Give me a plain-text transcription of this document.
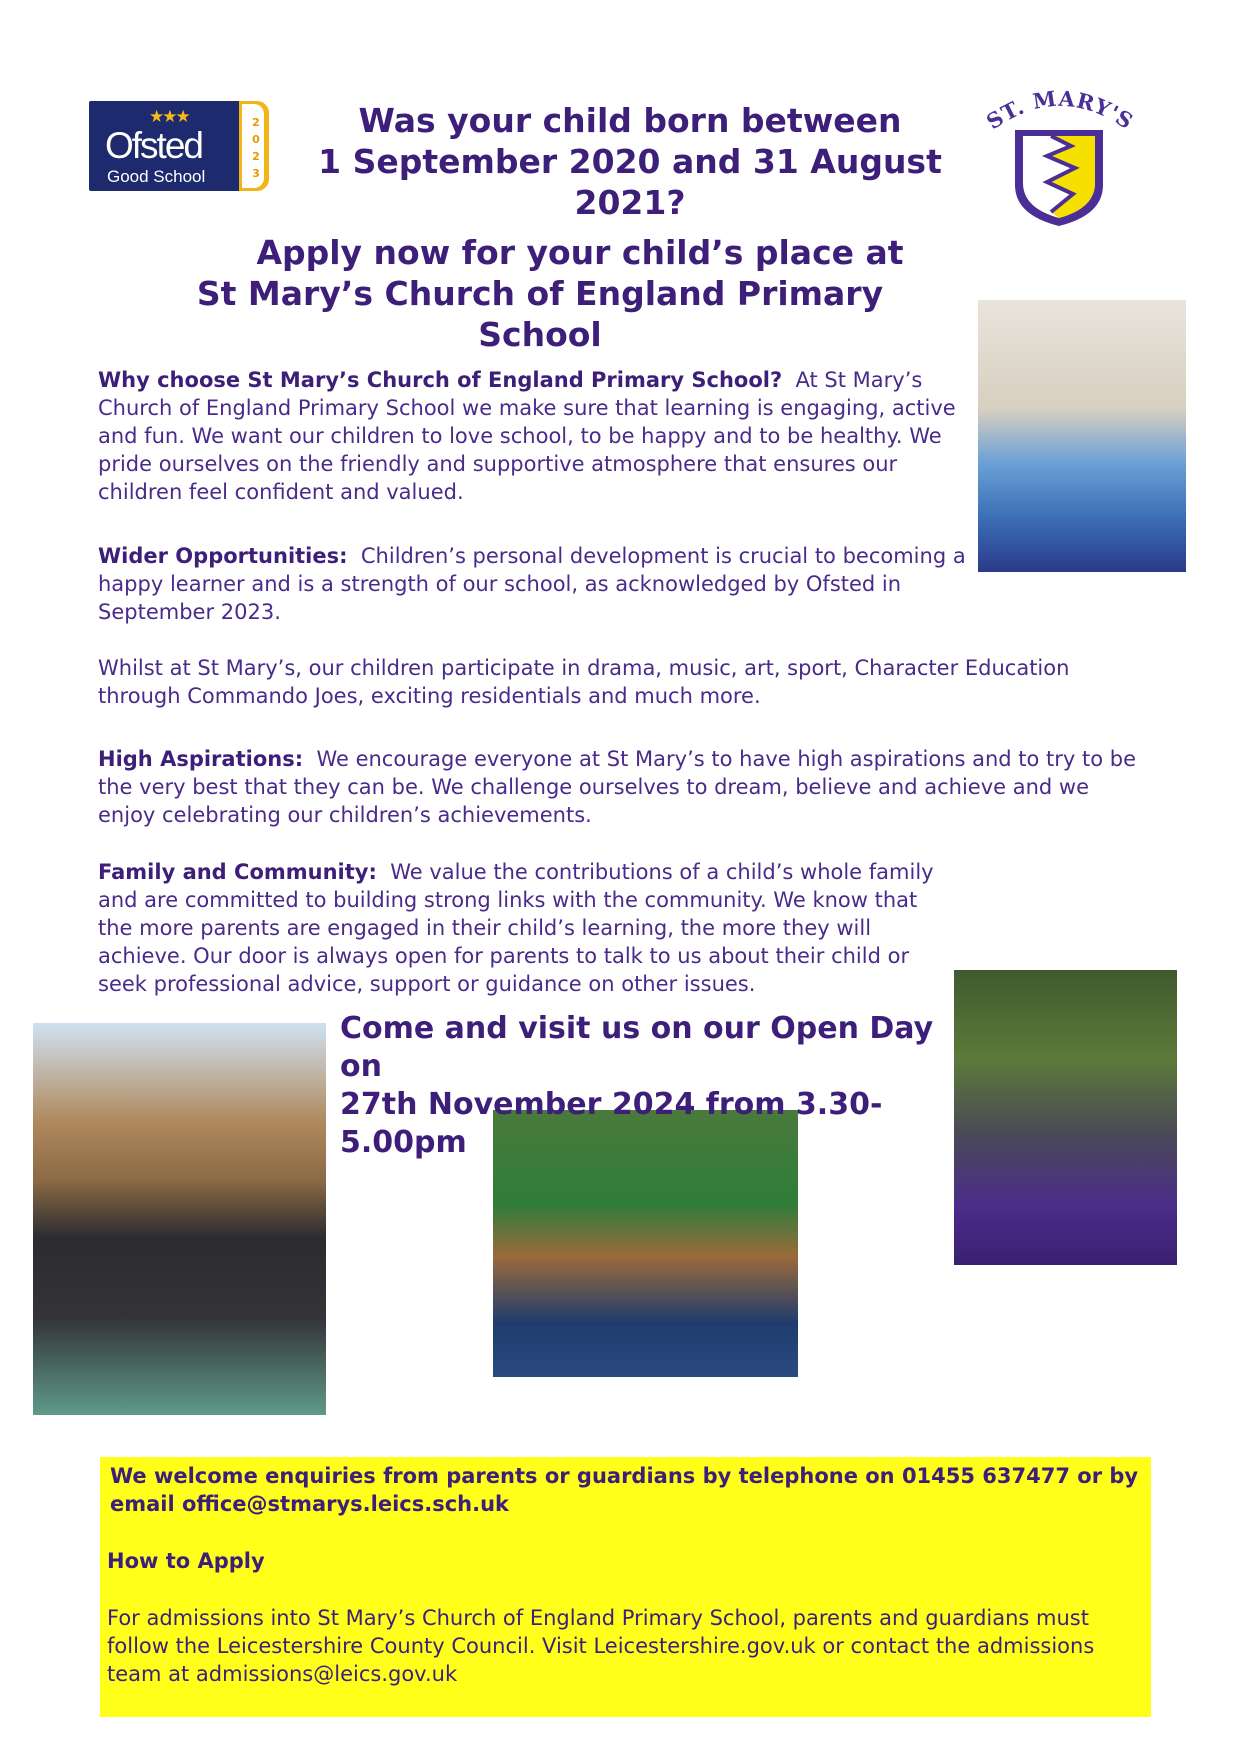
2
0
2
3
★★★
Ofsted
Good School
T. MARY'
Was your child born between
1 September 2020 and 31 August 2021?
Apply now for your child’s place at
St Mary’s Church of England Primary School

Why choose St Mary’s Church of England Primary School? At St Mary’s Church of England Primary School we make sure that learning is engaging, active and fun. We want our children to love school, to be happy and to be healthy. We pride ourselves on the friendly and supportive atmosphere that ensures our children feel confident and valued.

Wider Opportunities: Children’s personal development is crucial to becoming a happy learner and is a strength of our school, as acknowledged by Ofsted in September 2023.

Whilst at St Mary’s, our children participate in drama, music, art, sport, Character Education through Commando Joes, exciting residentials and much more.

High Aspirations: We encourage everyone at St Mary’s to have high aspirations and to try to be the very best that they can be. We challenge ourselves to dream, believe and achieve and we enjoy celebrating our children’s achievements.

Family and Community: We value the contributions of a child’s whole family and are committed to building strong links with the community. We know that the more parents are engaged in their child’s learning, the more they will achieve. Our door is always open for parents to talk to us about their child or seek professional advice, support or guidance on other issues.

Come and visit us on our Open Day on
27th November 2024 from 3.30-5.00pm

We welcome enquiries from parents or guardians by telephone on 01455 637477 or by email office@stmarys.leics.sch.uk

How to Apply

For admissions into St Mary’s Church of England Primary School, parents and guardians must follow the Leicestershire County Council. Visit Leicestershire.gov.uk or contact the admissions team at admissions@leics.gov.uk
